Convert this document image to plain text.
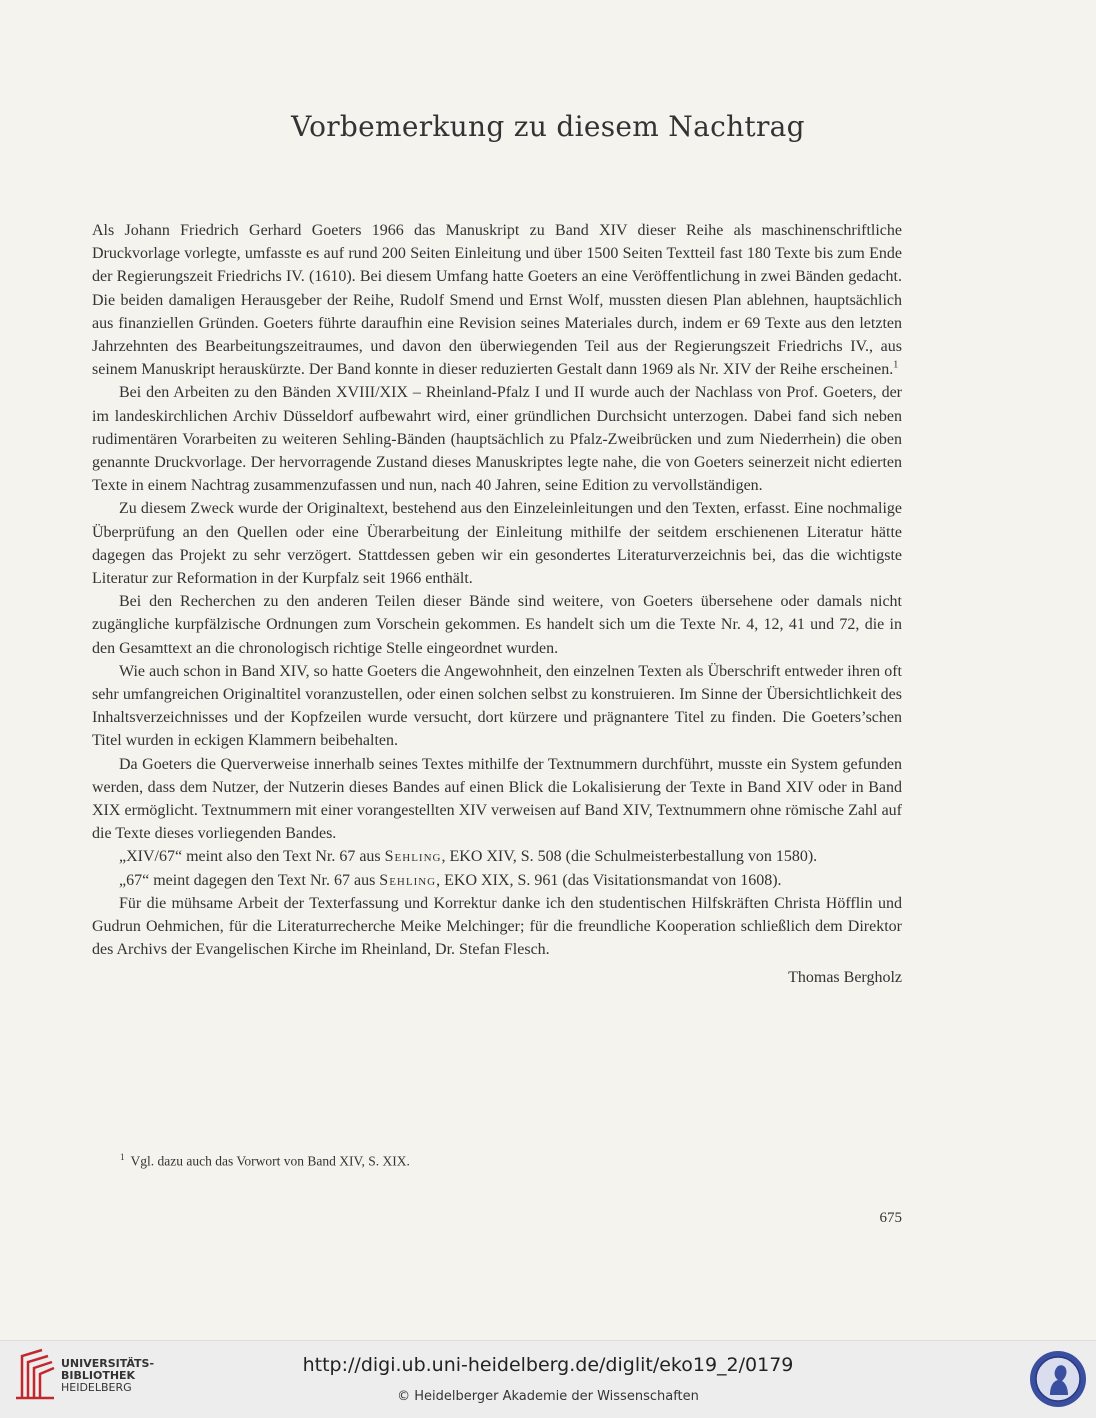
Vorbemerkung zu diesem Nachtrag

Als Johann Friedrich Gerhard Goeters 1966 das Manuskript zu Band XIV dieser Reihe als maschinenschriftliche Druckvorlage vorlegte, umfasste es auf rund 200 Seiten Einleitung und über 1500 Seiten Textteil fast 180 Texte bis zum Ende der Regierungszeit Friedrichs IV. (1610). Bei diesem Umfang hatte Goeters an eine Veröffentlichung in zwei Bänden gedacht. Die beiden damaligen Herausgeber der Reihe, Rudolf Smend und Ernst Wolf, mussten diesen Plan ablehnen, hauptsächlich aus finanziellen Gründen. Goeters führte daraufhin eine Revision seines Materiales durch, indem er 69 Texte aus den letzten Jahrzehnten des Bearbeitungszeitraumes, und davon den überwiegenden Teil aus der Regierungszeit Friedrichs IV., aus seinem Manuskript herauskürzte. Der Band konnte in dieser reduzierten Gestalt dann 1969 als Nr. XIV der Reihe erscheinen.$^1$

Bei den Arbeiten zu den Bänden XVIII/XIX – Rheinland-Pfalz I und II wurde auch der Nachlass von Prof. Goeters, der im landeskirchlichen Archiv Düsseldorf aufbewahrt wird, einer gründlichen Durchsicht unterzogen. Dabei fand sich neben rudimentären Vorarbeiten zu weiteren Sehling-Bänden (hauptsächlich zu Pfalz-Zweibrücken und zum Niederrhein) die oben genannte Druckvorlage. Der hervorragende Zustand dieses Manuskriptes legte nahe, die von Goeters seinerzeit nicht edierten Texte in einem Nachtrag zusammenzufassen und nun, nach 40 Jahren, seine Edition zu vervollständigen.

Zu diesem Zweck wurde der Originaltext, bestehend aus den Einzeleinleitungen und den Texten, erfasst. Eine nochmalige Überprüfung an den Quellen oder eine Überarbeitung der Einleitung mithilfe der seitdem erschienenen Literatur hätte dagegen das Projekt zu sehr verzögert. Stattdessen geben wir ein gesondertes Literaturverzeichnis bei, das die wichtigste Literatur zur Reformation in der Kurpfalz seit 1966 enthält.

Bei den Recherchen zu den anderen Teilen dieser Bände sind weitere, von Goeters übersehene oder damals nicht zugängliche kurpfälzische Ordnungen zum Vorschein gekommen. Es handelt sich um die Texte Nr. 4, 12, 41 und 72, die in den Gesamttext an die chronologisch richtige Stelle eingeordnet wurden.

Wie auch schon in Band XIV, so hatte Goeters die Angewohnheit, den einzelnen Texten als Überschrift entweder ihren oft sehr umfangreichen Originaltitel voranzustellen, oder einen solchen selbst zu konstruieren. Im Sinne der Übersichtlichkeit des Inhaltsverzeichnisses und der Kopfzeilen wurde versucht, dort kürzere und prägnantere Titel zu finden. Die Goeters’schen Titel wurden in eckigen Klammern beibehalten.

Da Goeters die Querverweise innerhalb seines Textes mithilfe der Textnummern durchführt, musste ein System gefunden werden, dass dem Nutzer, der Nutzerin dieses Bandes auf einen Blick die Lokalisierung der Texte in Band XIV oder in Band XIX ermöglicht. Textnummern mit einer vorangestellten XIV verweisen auf Band XIV, Textnummern ohne römische Zahl auf die Texte dieses vorliegenden Bandes.

„XIV/67“ meint also den Text Nr. 67 aus Sehling, EKO XIV, S. 508 (die Schulmeisterbestallung von 1580).

„67“ meint dagegen den Text Nr. 67 aus Sehling, EKO XIX, S. 961 (das Visitationsmandat von 1608).

Für die mühsame Arbeit der Texterfassung und Korrektur danke ich den studentischen Hilfskräften Christa Höfflin und Gudrun Oehmichen, für die Literaturrecherche Meike Melchinger; für die freundliche Kooperation schließlich dem Direktor des Archivs der Evangelischen Kirche im Rheinland, Dr. Stefan Flesch.

Thomas Bergholz

$^1$ Vgl. dazu auch das Vorwort von Band XIV, S. XIX.
675
UNIVERSITÄTS-
BIBLIOTHEK
HEIDELBERG
http://digi.ub.uni-heidelberg.de/diglit/eko19_2/0179
© Heidelberger Akademie der Wissenschaften
